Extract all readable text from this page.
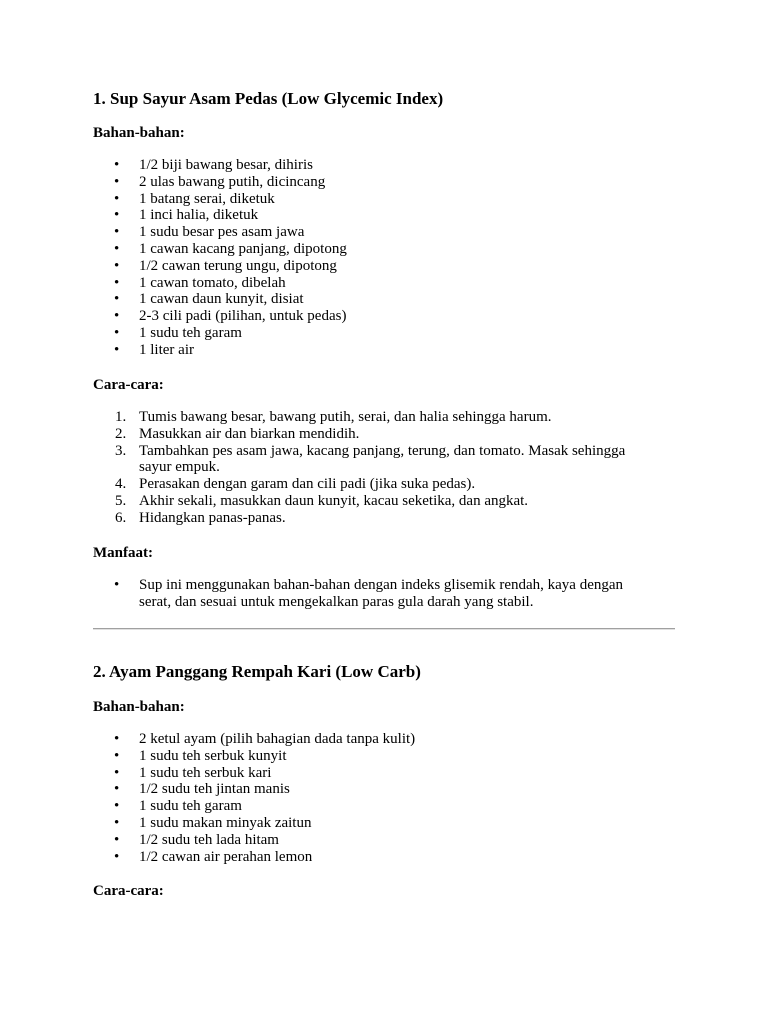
1. Sup Sayur Asam Pedas (Low Glycemic Index)

Bahan-bahan:

• 1/2 biji bawang besar, dihiris
• 2 ulas bawang putih, dicincang
• 1 batang serai, diketuk
• 1 inci halia, diketuk
• 1 sudu besar pes asam jawa
• 1 cawan kacang panjang, dipotong
• 1/2 cawan terung ungu, dipotong
• 1 cawan tomato, dibelah
• 1 cawan daun kunyit, disiat
• 2-3 cili padi (pilihan, untuk pedas)
• 1 sudu teh garam
• 1 liter air

Cara-cara:

1. Tumis bawang besar, bawang putih, serai, dan halia sehingga harum.
2. Masukkan air dan biarkan mendidih.
3. Tambahkan pes asam jawa, kacang panjang, terung, dan tomato. Masak sehingga sayur empuk.
4. Perasakan dengan garam dan cili padi (jika suka pedas).
5. Akhir sekali, masukkan daun kunyit, kacau seketika, dan angkat.
6. Hidangkan panas-panas.

Manfaat:

• Sup ini menggunakan bahan-bahan dengan indeks glisemik rendah, kaya dengan serat, dan sesuai untuk mengekalkan paras gula darah yang stabil.
2. Ayam Panggang Rempah Kari (Low Carb)

Bahan-bahan:

• 2 ketul ayam (pilih bahagian dada tanpa kulit)
• 1 sudu teh serbuk kunyit
• 1 sudu teh serbuk kari
• 1/2 sudu teh jintan manis
• 1 sudu teh garam
• 1 sudu makan minyak zaitun
• 1/2 sudu teh lada hitam
• 1/2 cawan air perahan lemon

Cara-cara:
